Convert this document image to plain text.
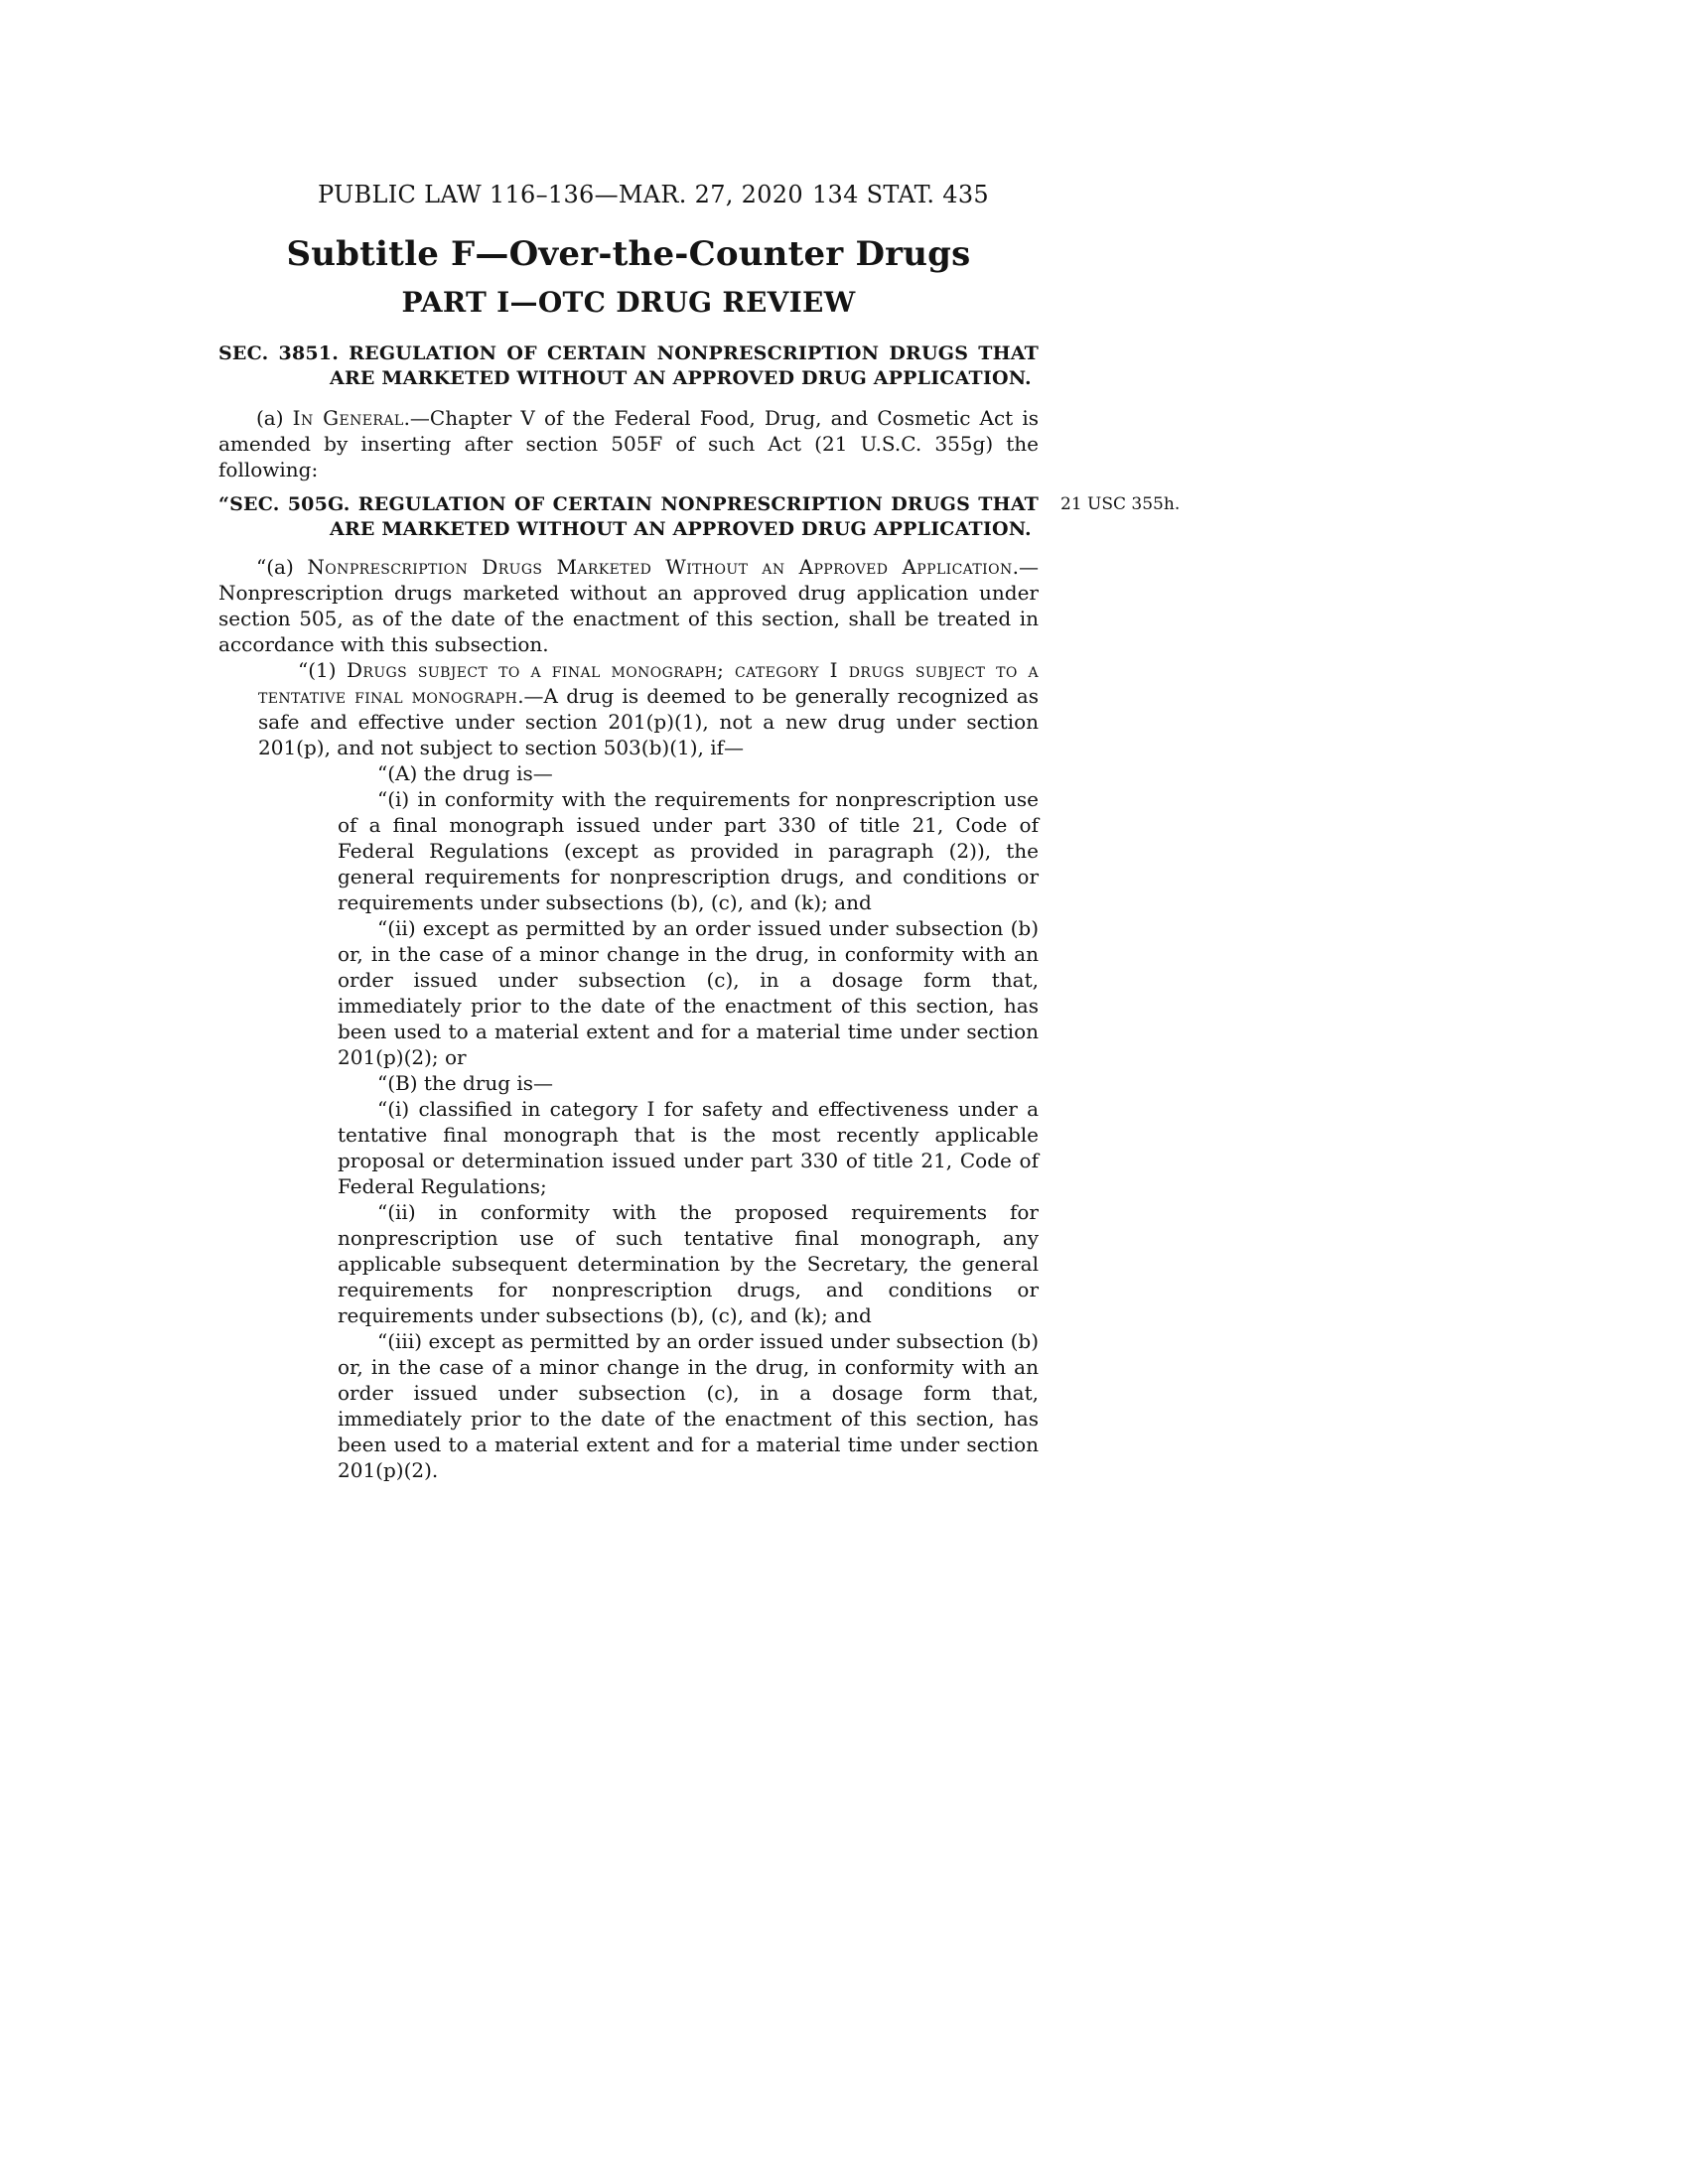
PUBLIC LAW 116–136—MAR. 27, 2020 134 STAT. 435
Subtitle F—Over-the-Counter Drugs
PART I—OTC DRUG REVIEW

SEC. 3851. REGULATION OF CERTAIN NONPRESCRIPTION DRUGS THAT ARE MARKETED WITHOUT AN APPROVED DRUG APPLICATION.

(a) In General.—Chapter V of the Federal Food, Drug, and Cosmetic Act is amended by inserting after section 505F of such Act (21 U.S.C. 355g) the following:

“SEC. 505G. REGULATION OF CERTAIN NONPRESCRIPTION DRUGS THAT ARE MARKETED WITHOUT AN APPROVED DRUG APPLICATION.

21 USC 355h.

“(a) Nonprescription Drugs Marketed Without an Approved Application.—Nonprescription drugs marketed without an approved drug application under section 505, as of the date of the enactment of this section, shall be treated in accordance with this subsection.

“(1) Drugs subject to a final monograph; category I drugs subject to a tentative final monograph.—A drug is deemed to be generally recognized as safe and effective under section 201(p)(1), not a new drug under section 201(p), and not subject to section 503(b)(1), if—

“(A) the drug is—

“(i) in conformity with the requirements for nonprescription use of a final monograph issued under part 330 of title 21, Code of Federal Regulations (except as provided in paragraph (2)), the general requirements for nonprescription drugs, and conditions or requirements under subsections (b), (c), and (k); and

“(ii) except as permitted by an order issued under subsection (b) or, in the case of a minor change in the drug, in conformity with an order issued under subsection (c), in a dosage form that, immediately prior to the date of the enactment of this section, has been used to a material extent and for a material time under section 201(p)(2); or

“(B) the drug is—

“(i) classified in category I for safety and effectiveness under a tentative final monograph that is the most recently applicable proposal or determination issued under part 330 of title 21, Code of Federal Regulations;

“(ii) in conformity with the proposed requirements for nonprescription use of such tentative final monograph, any applicable subsequent determination by the Secretary, the general requirements for nonprescription drugs, and conditions or requirements under subsections (b), (c), and (k); and

“(iii) except as permitted by an order issued under subsection (b) or, in the case of a minor change in the drug, in conformity with an order issued under subsection (c), in a dosage form that, immediately prior to the date of the enactment of this section, has been used to a material extent and for a material time under section 201(p)(2).
